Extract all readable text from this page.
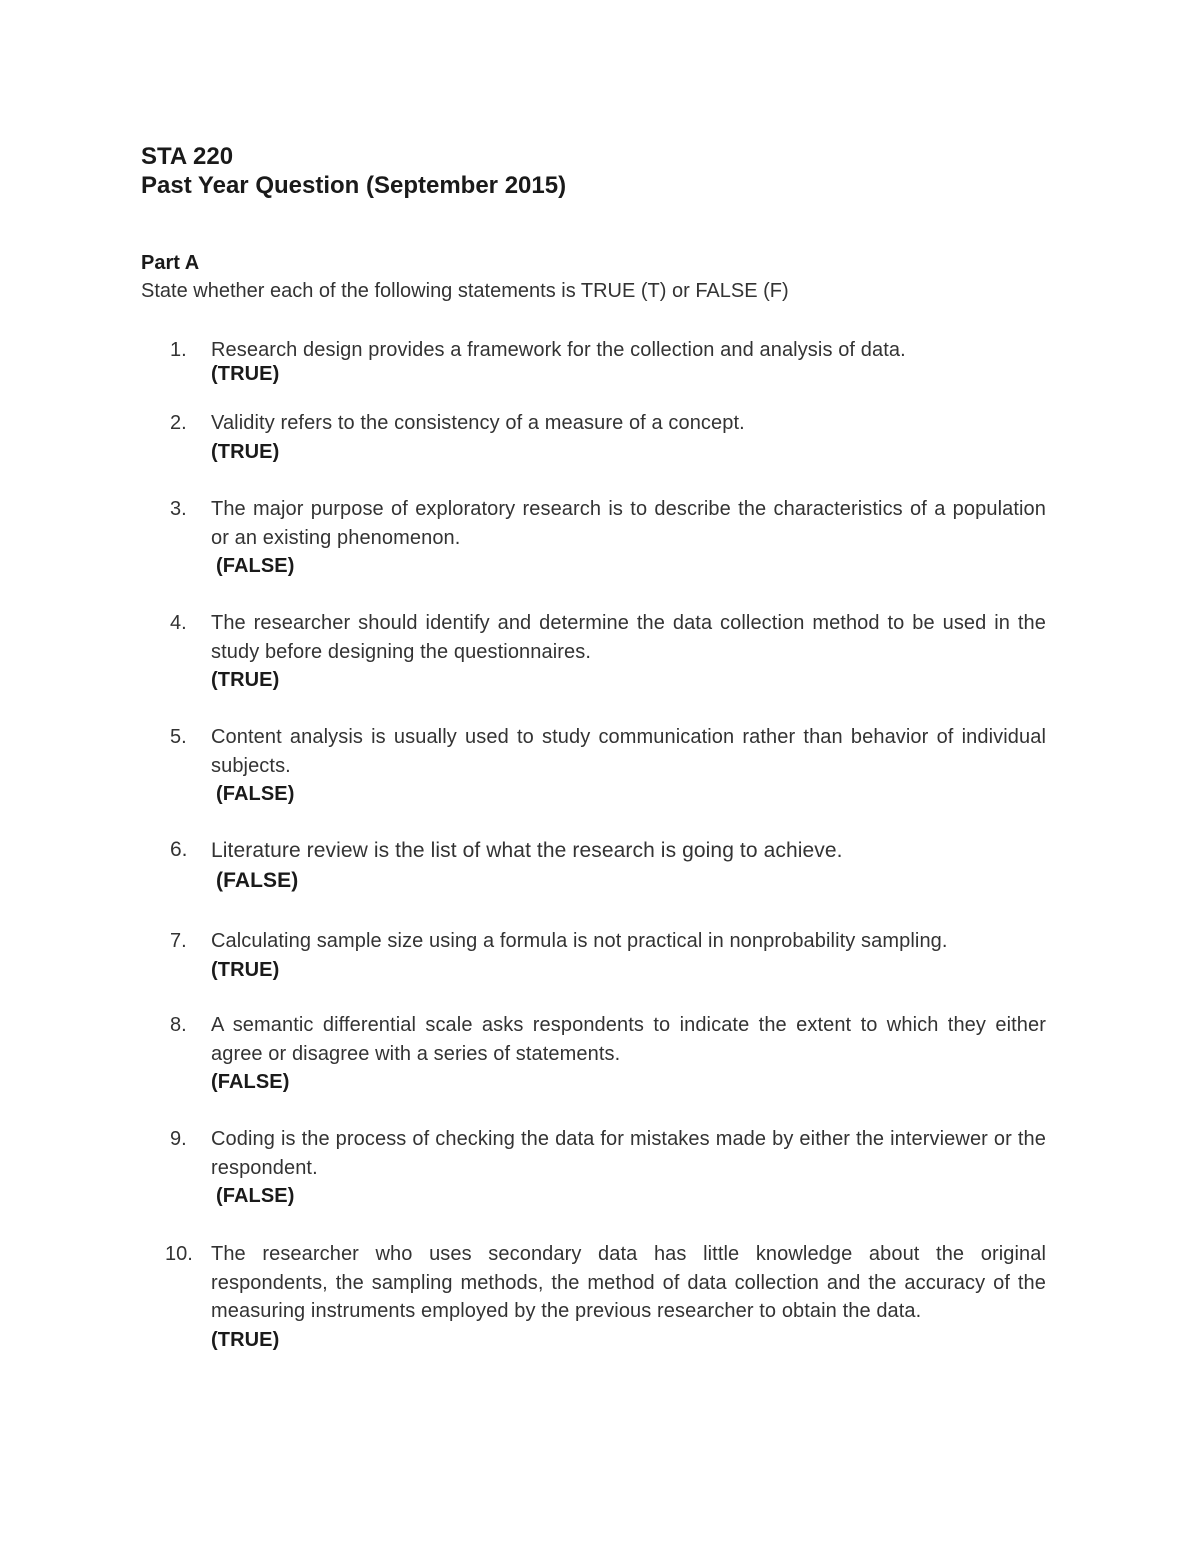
STA 220
Past Year Question (September 2015)
Part A
State whether each of the following statements is TRUE (T) or FALSE (F)
1. Research design provides a framework for the collection and analysis of data.
(TRUE)
2. Validity refers to the consistency of a measure of a concept.
(TRUE)
3. The major purpose of exploratory research is to describe the characteristics of a population or an existing phenomenon.
(FALSE)
4. The researcher should identify and determine the data collection method to be used in the study before designing the questionnaires.
(TRUE)
5. Content analysis is usually used to study communication rather than behavior of individual subjects.
(FALSE)
6. Literature review is the list of what the research is going to achieve.
(FALSE)
7. Calculating sample size using a formula is not practical in nonprobability sampling.
(TRUE)
8. A semantic differential scale asks respondents to indicate the extent to which they either agree or disagree with a series of statements.
(FALSE)
9. Coding is the process of checking the data for mistakes made by either the interviewer or the respondent.
(FALSE)
10. The researcher who uses secondary data has little knowledge about the original respondents, the sampling methods, the method of data collection and the accuracy of the measuring instruments employed by the previous researcher to obtain the data.
(TRUE)
